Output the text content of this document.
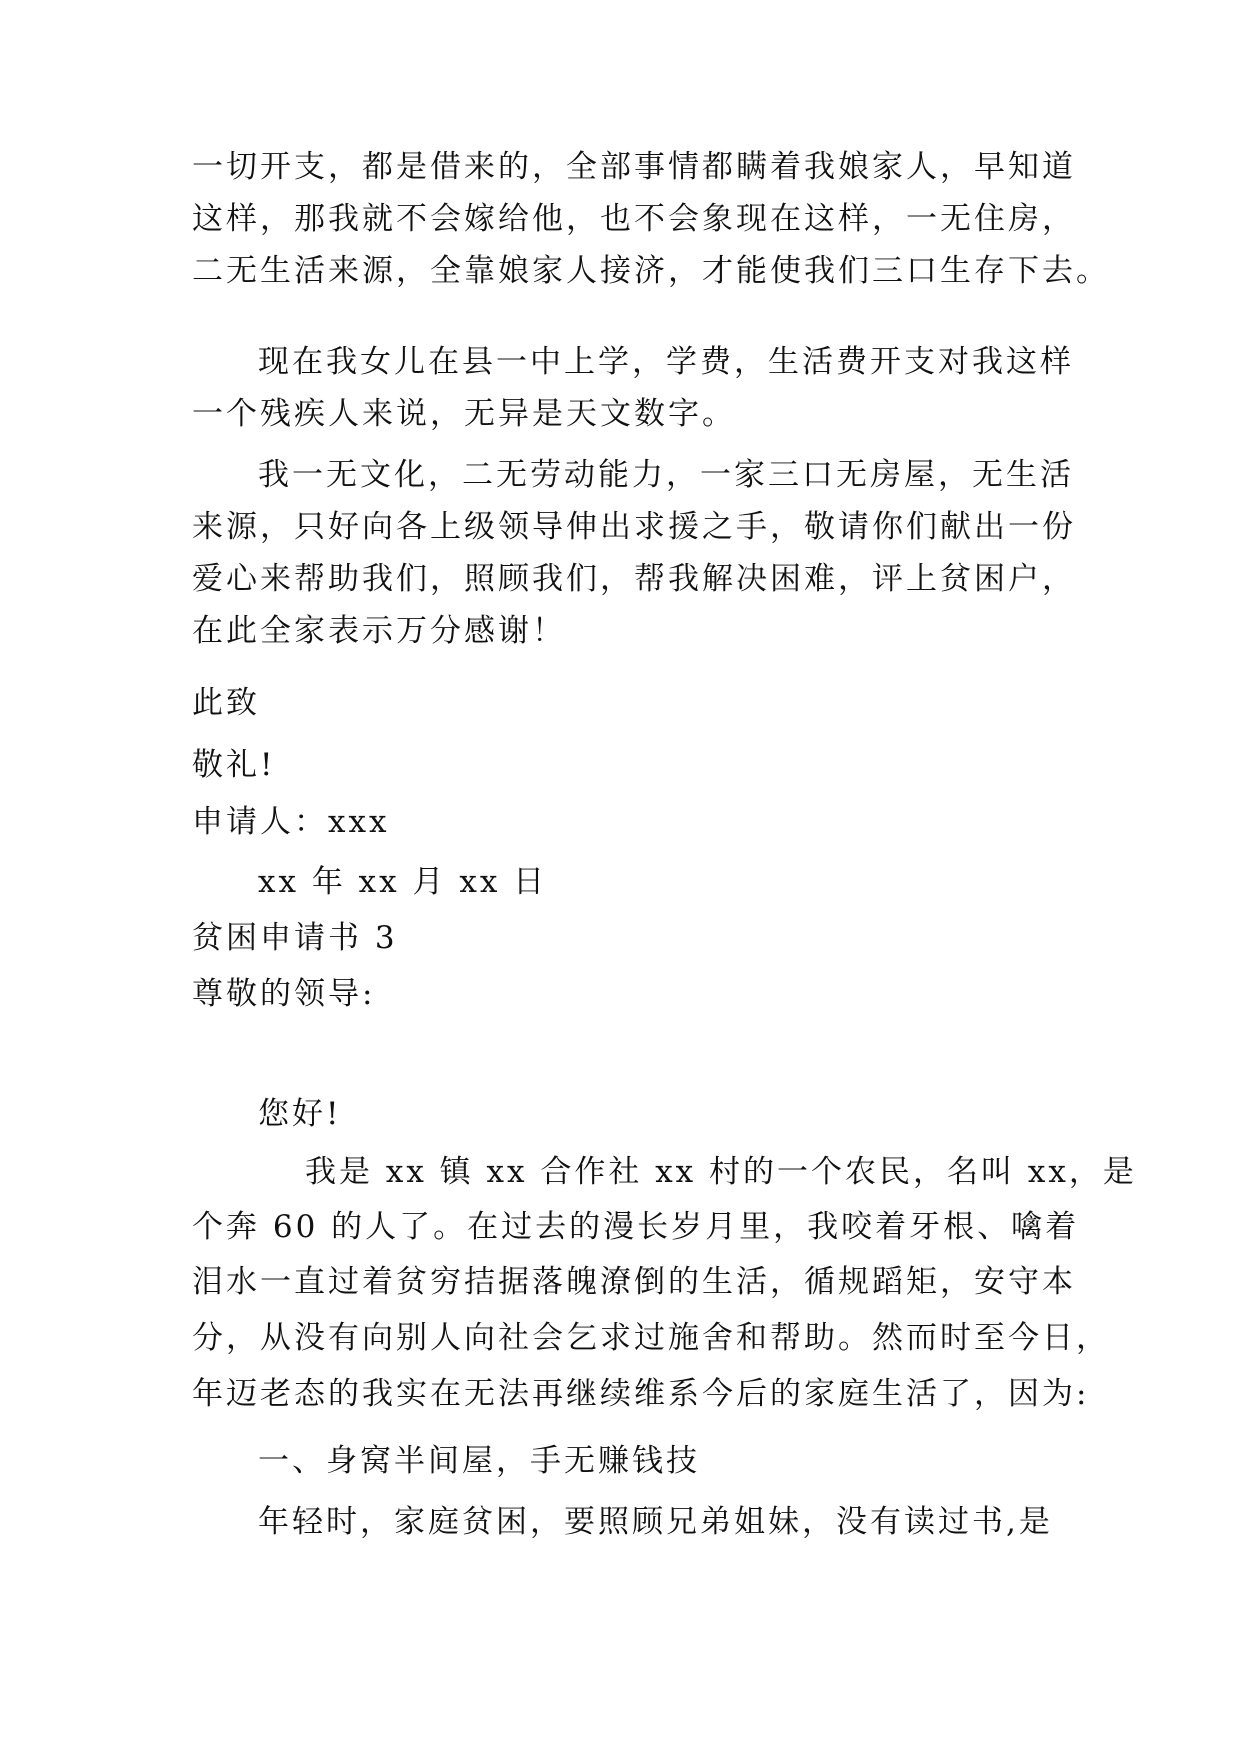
一切开支，都是借来的，全部事情都瞒着我娘家人，早知道
这样，那我就不会嫁给他，也不会象现在这样，一无住房，
二无生活来源，全靠娘家人接济，才能使我们三口生存下去。
现在我女儿在县一中上学，学费，生活费开支对我这样
一个残疾人来说，无异是天文数字。
我一无文化，二无劳动能力，一家三口无房屋，无生活
来源，只好向各上级领导伸出求援之手，敬请你们献出一份
爱心来帮助我们，照顾我们，帮我解决困难，评上贫困户，
在此全家表示万分感谢！
此致
敬礼!
申请人：xxx
xx 年 xx 月 xx 日
贫困申请书 3
尊敬的领导:
您好!
我是 xx 镇 xx 合作社 xx 村的一个农民，名叫 xx，是
个奔 60 的人了。在过去的漫长岁月里，我咬着牙根、噙着
泪水一直过着贫穷拮据落魄潦倒的生活，循规蹈矩，安守本
分，从没有向别人向社会乞求过施舍和帮助。然而时至今日，
年迈老态的我实在无法再继续维系今后的家庭生活了，因为:
一、身窝半间屋，手无赚钱技
年轻时，家庭贫困，要照顾兄弟姐妹，没有读过书,是
